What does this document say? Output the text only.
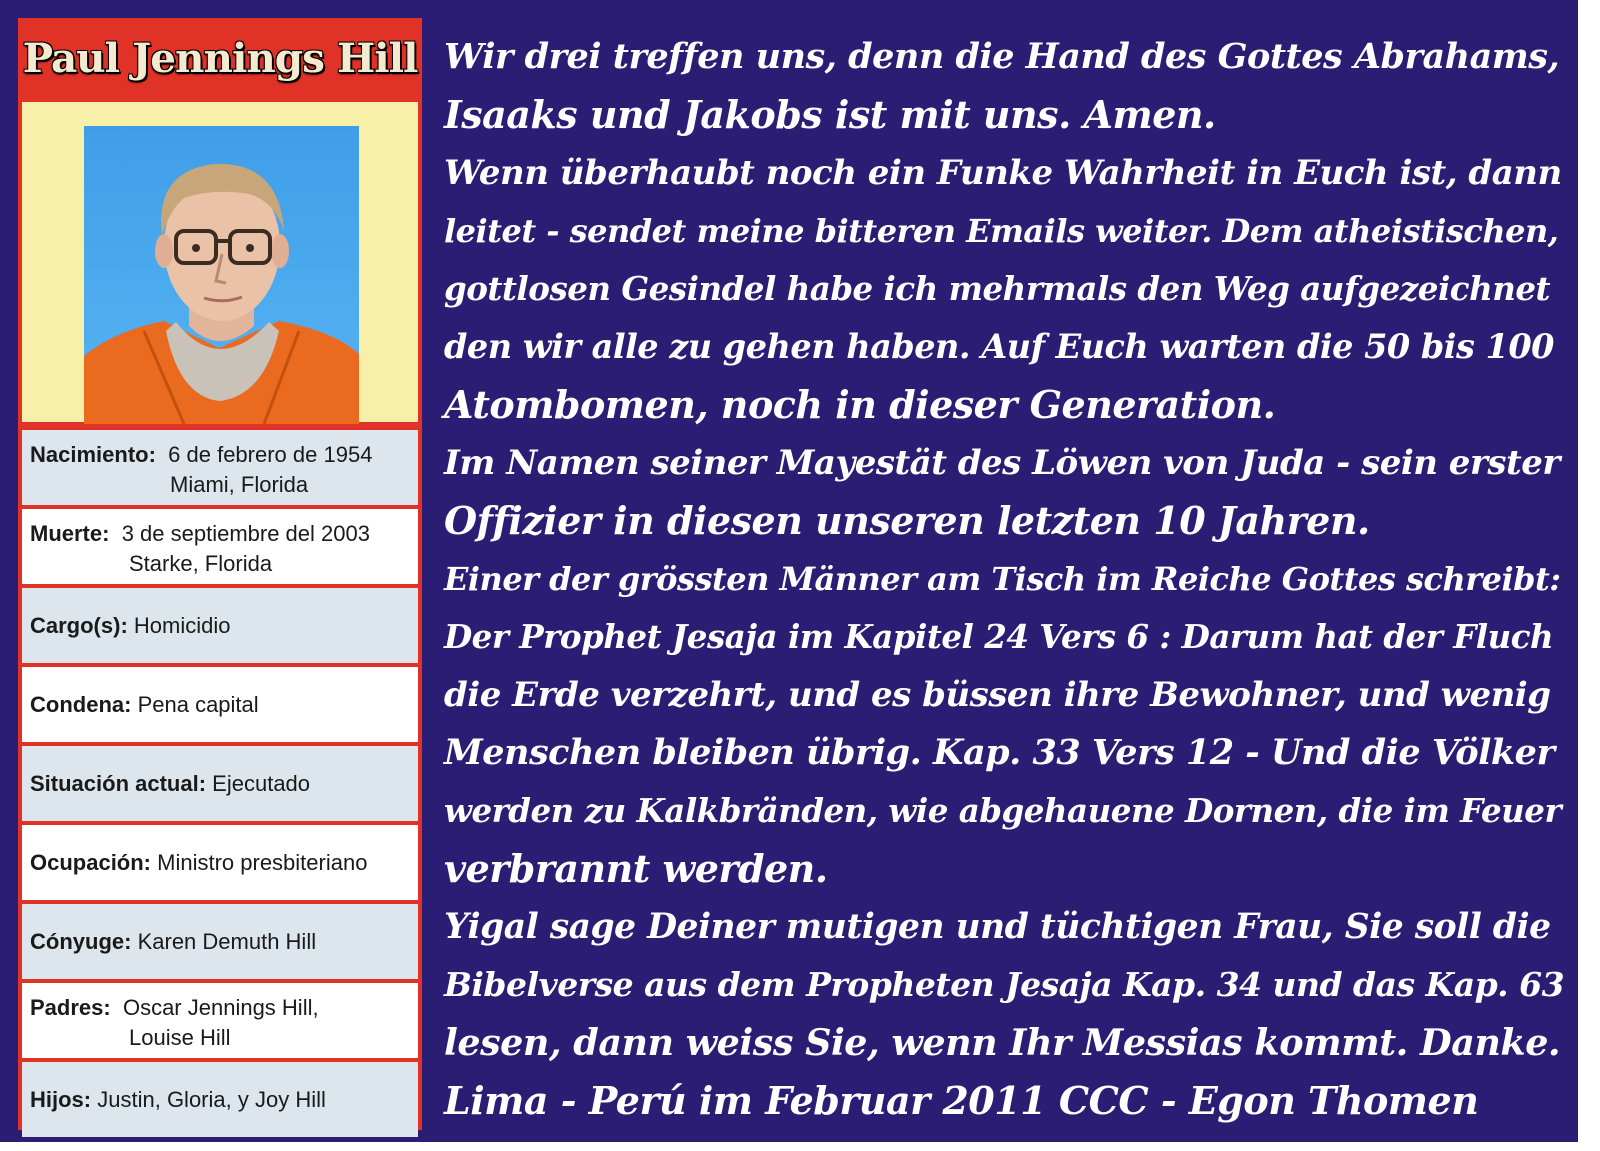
Paul Jennings Hill
Nacimiento: 6 de febrero de 1954
Miami, Florida
Muerte: 3 de septiembre del 2003
Starke, Florida
Cargo(s):
Homicidio
Condena:
Pena capital
Situación actual:
Ejecutado
Ocupación:
Ministro presbiteriano
Cónyuge:
Karen Demuth Hill
Padres: Oscar Jennings Hill,
Louise Hill
Hijos:
Justin, Gloria, y Joy Hill
Wir drei treffen uns, denn die Hand des Gottes Abrahams,
Isaaks und Jakobs ist mit uns. Amen.
Wenn überhaubt noch ein Funke Wahrheit in Euch ist, dann
leitet - sendet meine bitteren Emails weiter. Dem atheistischen,
gottlosen Gesindel habe ich mehrmals den Weg aufgezeichnet
den wir alle zu gehen haben. Auf Euch warten die 50 bis 100
Atombomen, noch in dieser Generation.
Im Namen seiner Mayestät des Löwen von Juda - sein erster
Offizier in diesen unseren letzten 10 Jahren.
Einer der grössten Männer am Tisch im Reiche Gottes schreibt:
Der Prophet Jesaja im Kapitel 24 Vers 6 : Darum hat der Fluch
die Erde verzehrt, und es büssen ihre Bewohner, und wenig
Menschen bleiben übrig. Kap. 33 Vers 12 - Und die Völker
werden zu Kalkbränden, wie abgehauene Dornen, die im Feuer
verbrannt werden.
Yigal sage Deiner mutigen und tüchtigen Frau, Sie soll die
Bibelverse aus dem Propheten Jesaja Kap. 34 und das Kap. 63
lesen, dann weiss Sie, wenn Ihr Messias kommt. Danke.
Lima - Perú im Februar 2011 CCC - Egon Thomen
